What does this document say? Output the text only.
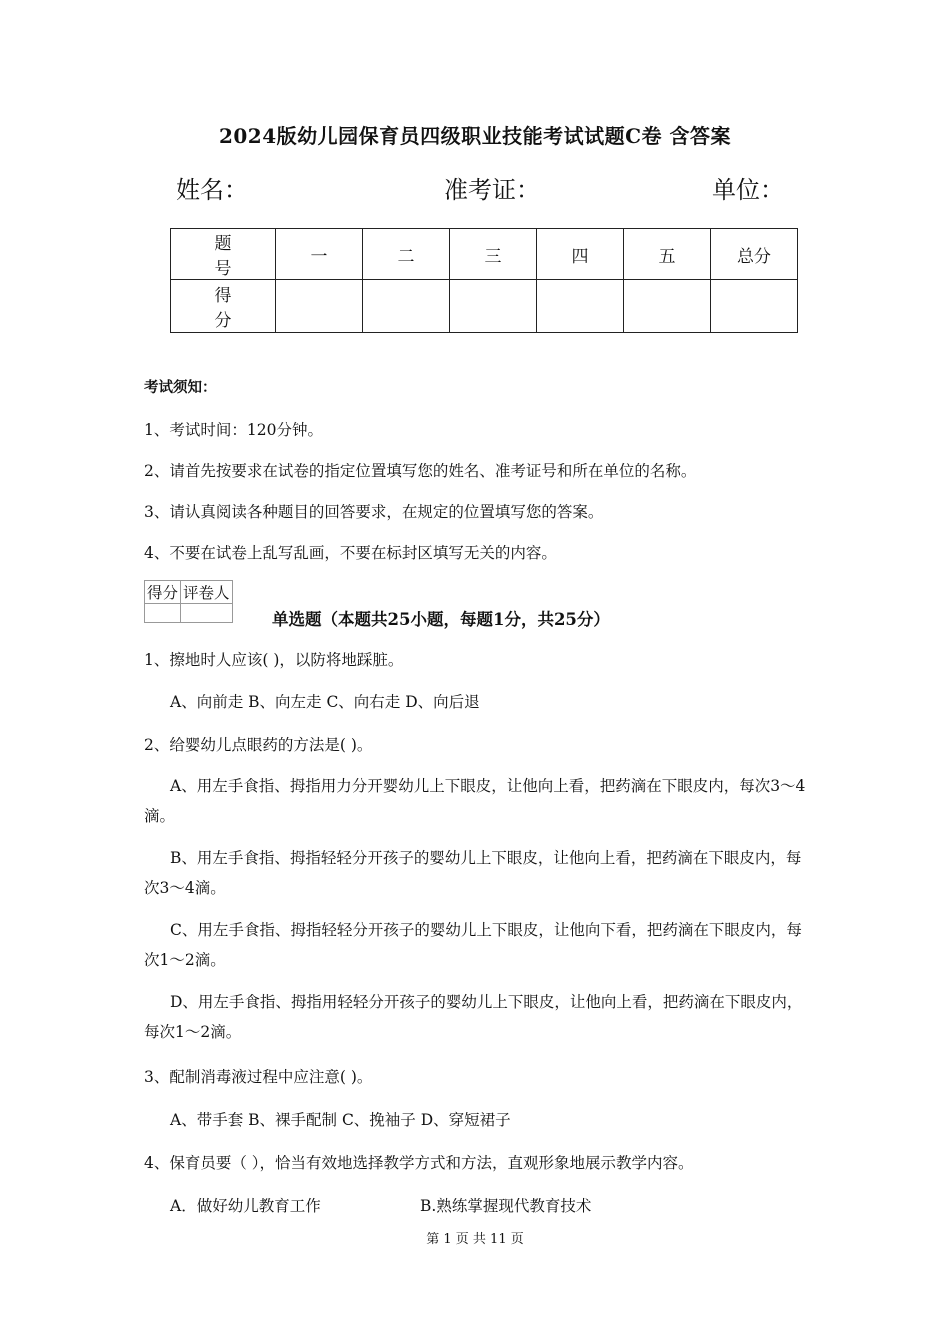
2024版幼儿园保育员四级职业技能考试试题C卷 含答案
姓名：	准考证：	单位：
题　号	一	二	三	四	五	总分
得　分						
考试须知：
1、考试时间：120分钟。
2、请首先按要求在试卷的指定位置填写您的姓名、准考证号和所在单位的名称。
3、请认真阅读各种题目的回答要求，在规定的位置填写您的答案。
4、不要在试卷上乱写乱画，不要在标封区填写无关的内容。
得分	评卷人

单选题（本题共25小题，每题1分，共25分）
1、擦地时人应该( )，以防将地踩脏。
A、向前走 B、向左走 C、向右走 D、向后退
2、给婴幼儿点眼药的方法是( )。
A、用左手食指、拇指用力分开婴幼儿上下眼皮，让他向上看，把药滴在下眼皮内，每次3～4滴。
B、用左手食指、拇指轻轻分开孩子的婴幼儿上下眼皮，让他向上看，把药滴在下眼皮内，每次3～4滴。
C、用左手食指、拇指轻轻分开孩子的婴幼儿上下眼皮，让他向下看，把药滴在下眼皮内，每次1～2滴。
D、用左手食指、拇指用轻轻分开孩子的婴幼儿上下眼皮，让他向上看，把药滴在下眼皮内，每次1～2滴。
3、配制消毒液过程中应注意( )。
A、带手套 B、裸手配制 C、挽袖子 D、穿短裙子
4、保育员要（ ），恰当有效地选择教学方式和方法，直观形象地展示教学内容。
A．做好幼儿教育工作	B.熟练掌握现代教育技术
第 1 页 共 11 页
